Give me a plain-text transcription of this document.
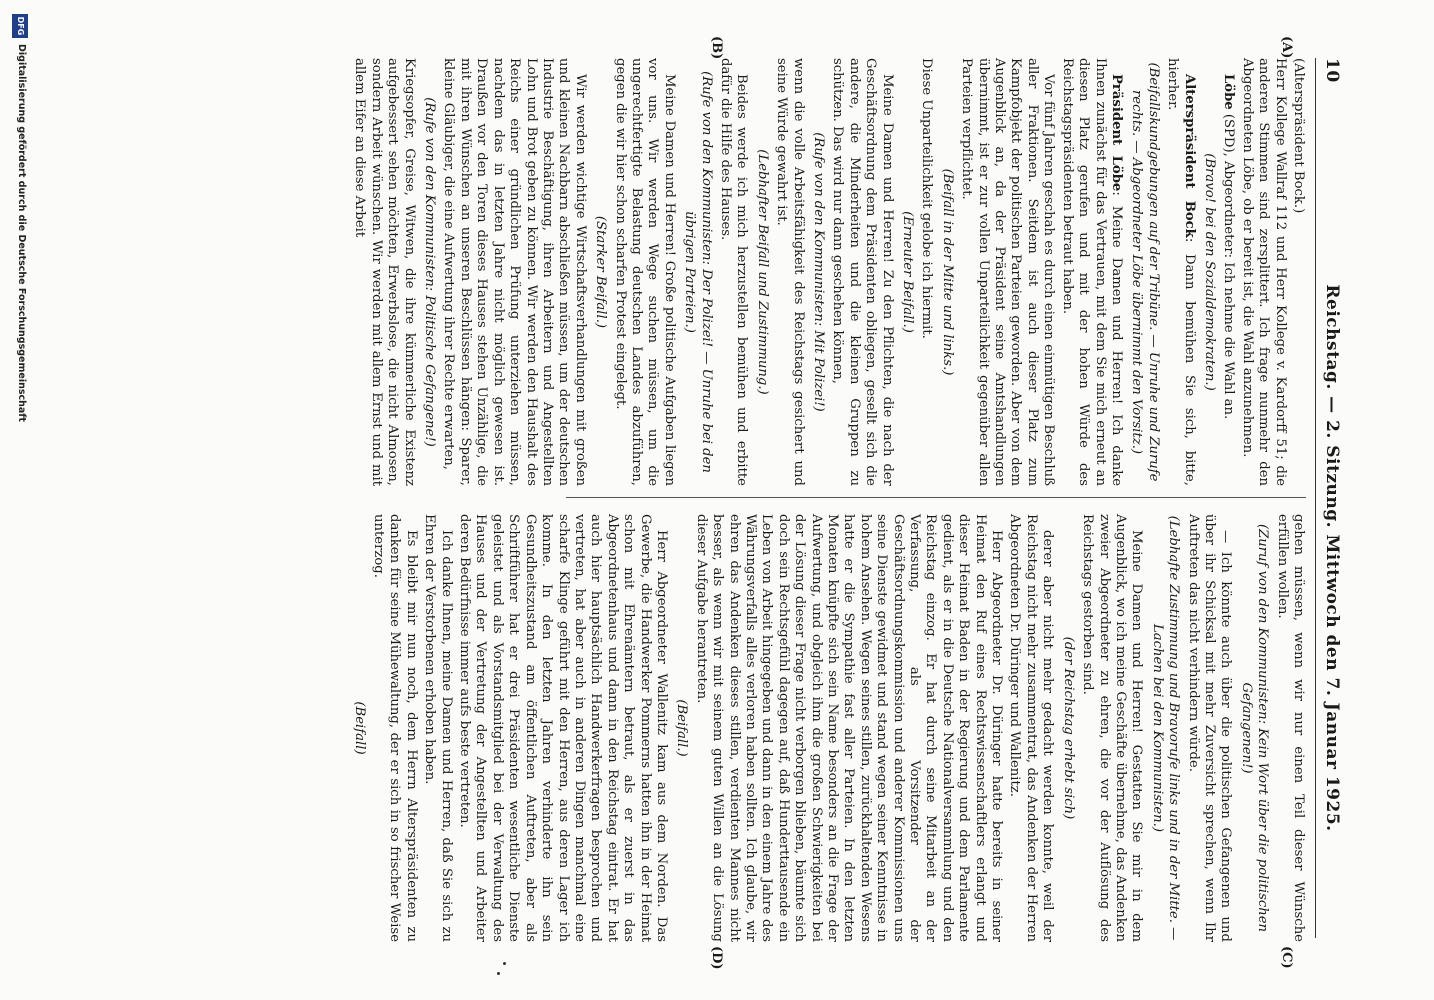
10
Reichstag. — 2. Sitzung. Mittwoch den 7. Januar 1925.
(A)
(B)
(C)
(D)

(Alterspräsident Bock.)

Herr Kollege Wallraf 112 und Herr Kollege v. Kardorff 51; die anderen Stimmen sind zersplittert. Ich frage nunmehr den Abgeordneten Löbe, ob er bereit ist, die Wahl anzunehmen.

Löbe (SPD), Abgeordneter: Ich nehme die Wahl an.

(Bravo! bei den Sozialdemokraten.)

Alterspräsident Bock: Dann bemühen Sie sich, bitte, hierher.

(Beifallskundgebungen auf der Tribüne. — Unruhe und Zurufe rechts. — Abgeordneter Löbe übernimmt den Vorsitz.)

Präsident Löbe: Meine Damen und Herren! Ich danke Ihnen zunächst für das Vertrauen, mit dem Sie mich erneut an diesen Platz gerufen und mit der hohen Würde des Reichstagspräsidenten betraut haben.

Vor fünf Jahren geschah es durch einen einmütigen Beschluß aller Fraktionen. Seitdem ist auch dieser Platz zum Kampfobjekt der politischen Parteien geworden. Aber von dem Augenblick an, da der Präsident seine Amtshandlungen übernimmt, ist er zur vollen Unparteilichkeit gegenüber allen Parteien verpflichtet.

(Beifall in der Mitte und links.)

Diese Unparteilichkeit gelobe ich hiermit.

(Erneuter Beifall.)

Meine Damen und Herren! Zu den Pflichten, die nach der Geschäftsordnung dem Präsidenten obliegen, gesellt sich die andere, die Minderheiten und die kleinen Gruppen zu schützen. Das wird nur dann geschehen können,

(Rufe von den Kommunisten: Mit Polizei!)

wenn die volle Arbeitsfähigkeit des Reichstags gesichert und seine Würde gewahrt ist.

(Lebhafter Beifall und Zustimmung.)

Beides werde ich mich herzustellen bemühen und erbitte dafür die Hilfe des Hauses.

(Rufe von den Kommunisten: Der Polizei! — Unruhe bei den übrigen Parteien.)

Meine Damen und Herren! Große politische Aufgaben liegen vor uns. Wir werden Wege suchen müssen, um die ungerechtfertigte Belastung deutschen Landes abzuführen, gegen die wir hier schon scharfen Protest eingelegt.

(Starker Beifall.)

Wir werden wichtige Wirtschaftsverhandlungen mit großen und kleinen Nachbarn abschließen müssen, um der deutschen Industrie Beschäftigung, ihren Arbeitern und Angestellten Lohn und Brot geben zu können. Wir werden den Haushalt des Reichs einer gründlichen Prüfung unterziehen müssen, nachdem das in letzten Jahre nicht möglich gewesen ist. Draußen vor den Toren dieses Hauses stehen Unzählige, die mit ihren Wünschen an unseren Beschlüssen hängen: Sparer, kleine Gläubiger, die eine Aufwertung ihrer Rechte erwarten,

(Rufe von den Kommunisten: Politische Gefangene!)

Kriegsopfer, Greise, Witwen, die ihre kümmerliche Existenz aufgebessert sehen möchten, Erwerbslose, die nicht Almosen, sondern Arbeit wünschen. Wir werden mit allem Ernst und mit allem Eifer an diese Arbeit

gehen müssen, wenn wir nur einen Teil dieser Wünsche erfüllen wollen.

(Zuruf von den Kommunisten: Kein Wort über die politischen Gefangenen!)

— Ich könnte auch über die politischen Gefangenen und über ihr Schicksal mit mehr Zuversicht sprechen, wenn Ihr Auftreten das nicht verhindern würde.

(Lebhafte Zustimmung und Bravorufe links und in der Mitte. — Lachen bei den Kommunisten.)

Meine Damen und Herren! Gestatten Sie mir in dem Augenblick, wo ich meine Geschäfte übernehme, das Andenken zweier Abgeordneter zu ehren, die vor der Auflösung des Reichstags gestorben sind.

(der Reichstag erhebt sich)

derer aber nicht mehr gedacht werden konnte, weil der Reichstag nicht mehr zusammentrat, das Andenken der Herren Abgeordneten Dr. Düringer und Wallenitz.

Herr Abgeordneter Dr. Düringer hatte bereits in seiner Heimat den Ruf eines Rechtswissenschaftlers erlangt und dieser Heimat Baden in der Regierung und dem Parlamente gedient, als er in die Deutsche Nationalversammlung und den Reichstag einzog. Er hat durch seine Mitarbeit an der Verfassung, als Vorsitzender der Geschäftsordnungskommission und anderer Kommissionen uns seine Dienste gewidmet und stand wegen seiner Kenntnisse in hohem Ansehen. Wegen seines stillen, zurückhaltenden Wesens hatte er die Sympathie fast aller Parteien. In den letzten Monaten knüpfte sich sein Name besonders an die Frage der Aufwertung, und obgleich ihm die großen Schwierigkeiten bei der Lösung dieser Frage nicht verborgen blieben, bäumte sich doch sein Rechtsgefühl dagegen auf, daß Hunderttausende ein Leben von Arbeit hingegeben und dann in den einem Jahre des Währungsverfalls alles verloren haben sollten. Ich glaube, wir ehren das Andenken dieses stillen, verdienten Mannes nicht besser, als wenn wir mit seinem guten Willen an die Lösung dieser Aufgabe herantreten.

(Beifall.)

Herr Abgeordneter Wallenitz kam aus dem Norden. Das Gewerbe, die Handwerker Pommerns hatten ihn in der Heimat schon mit Ehrenämtern betraut, als er zuerst in das Abgeordnetenhaus und dann in den Reichstag eintrat. Er hat auch hier hauptsächlich Handwerkerfragen besprochen und vertreten, hat aber auch in anderen Dingen manchmal eine scharfe Klinge geführt mit den Herren, aus deren Lager ich komme. In den letzten Jahren verhinderte ihn sein Gesundheitszustand am öffentlichen Auftreten, aber als Schriftführer hat er drei Präsidenten wesentliche Dienste geleistet und als Vorstandsmitglied bei der Verwaltung des Hauses und der Vertretung der Angestellten und Arbeiter deren Bedürfnisse immer aufs beste vertreten.

Ich danke Ihnen, meine Damen und Herren, daß Sie sich zu Ehren der Verstorbenen erhoben haben.

Es bleibt mir nun noch, dem Herrn Alterspräsidenten zu danken für seine Mühewaltung, der er sich in so frischer Weise unterzog.

(Beifall)

DFG
Digitalisierung gefördert durch die Deutsche Forschungsgemeinschaft
